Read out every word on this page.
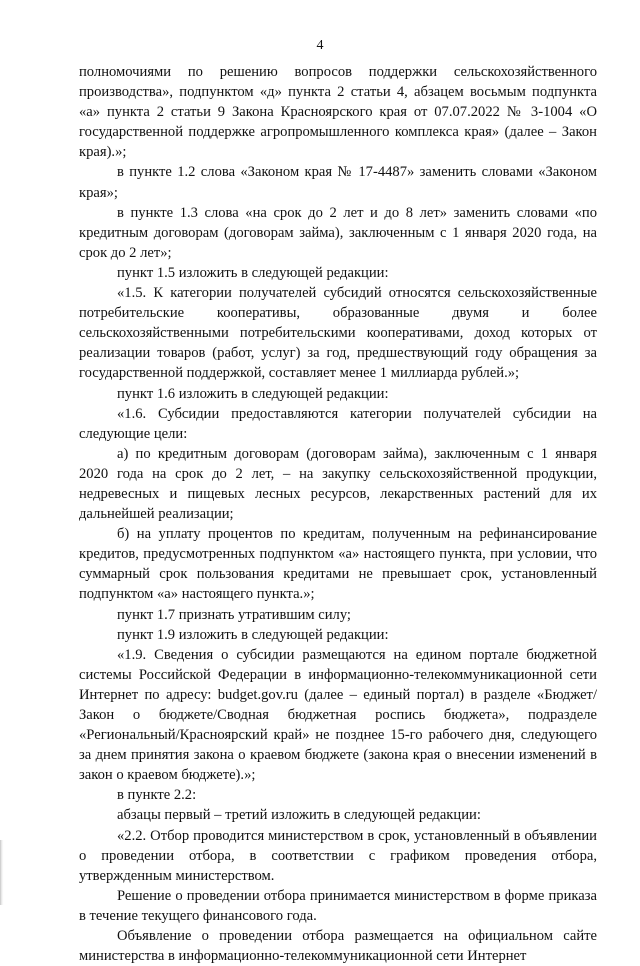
4

полномочиями по решению вопросов поддержки сельскохозяйственного производства», подпунктом «д» пункта 2 статьи 4, абзацем восьмым подпункта «а» пункта 2 статьи 9 Закона Красноярского края от 07.07.2022 № 3-1004 «О государственной поддержке агропромышленного комплекса края» (далее – Закон края).»;

в пункте 1.2 слова «Законом края № 17-4487» заменить словами «Законом края»;

в пункте 1.3 слова «на срок до 2 лет и до 8 лет» заменить словами «по кредитным договорам (договорам займа), заключенным с 1 января 2020 года, на срок до 2 лет»;

пункт 1.5 изложить в следующей редакции:

«1.5. К категории получателей субсидий относятся сельскохозяйственные потребительские кооперативы, образованные двумя и более сельскохозяйственными потребительскими кооперативами, доход которых от реализации товаров (работ, услуг) за год, предшествующий году обращения за государственной поддержкой, составляет менее 1 миллиарда рублей.»;

пункт 1.6 изложить в следующей редакции:

«1.6. Субсидии предоставляются категории получателей субсидии на следующие цели:

а) по кредитным договорам (договорам займа), заключенным с 1 января 2020 года на срок до 2 лет, – на закупку сельскохозяйственной продукции, недревесных и пищевых лесных ресурсов, лекарственных растений для их дальнейшей реализации;

б) на уплату процентов по кредитам, полученным на рефинансирование кредитов, предусмотренных подпунктом «а» настоящего пункта, при условии, что суммарный срок пользования кредитами не превышает срок, установленный подпунктом «а» настоящего пункта.»;

пункт 1.7 признать утратившим силу;

пункт 1.9 изложить в следующей редакции:

«1.9. Сведения о субсидии размещаются на едином портале бюджетной системы Российской Федерации в информационно-телекоммуникационной сети Интернет по адресу: budget.gov.ru (далее – единый портал) в разделе «Бюджет/Закон о бюджете/Сводная бюджетная роспись бюджета», подразделе «Региональный/Красноярский край» не позднее 15-го рабочего дня, следующего за днем принятия закона о краевом бюджете (закона края о внесении изменений в закон о краевом бюджете).»;

в пункте 2.2:

абзацы первый – третий изложить в следующей редакции:

«2.2. Отбор проводится министерством в срок, установленный в объявлении о проведении отбора, в соответствии с графиком проведения отбора, утвержденным министерством.

Решение о проведении отбора принимается министерством в форме приказа в течение текущего финансового года.

Объявление о проведении отбора размещается на официальном сайте министерства в информационно-телекоммуникационной сети Интернет
